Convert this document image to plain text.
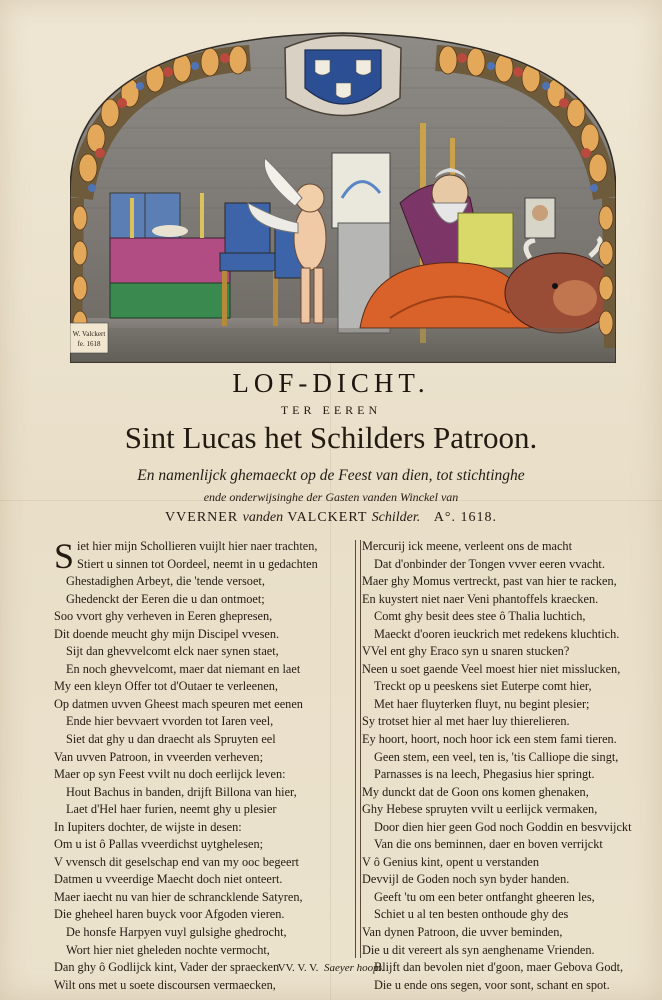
W. Valckert
fe. 1618
LOF-DICHT.
TER EEREN
Sint Lucas het Schilders Patroon.
En namenlijck ghemaeckt op de Feest van dien, tot stichtinghe
ende onderwijsinghe der Gasten vanden Winckel van
VVERNER vanden VALCKERT Schilder. A°. 1618.
Siet hier mijn Schollieren vuijlt hier naer trachten,
Stiert u sinnen tot Oordeel, neemt in u gedachten
Ghestadighen Arbeyt, die 'tende versoet,
Ghedenckt der Eeren die u dan ontmoet;
Soo vvort ghy verheven in Eeren ghepresen,
Dit doende meucht ghy mijn Discipel vvesen.
Sijt dan ghevvelcomt elck naer synen staet,
En noch ghevvelcomt, maer dat niemant en laet
My een kleyn Offer tot d'Outaer te verleenen,
Op datmen uvven Gheest mach speuren met eenen
Ende hier bevvaert vvorden tot Iaren veel,
Siet dat ghy u dan draecht als Spruyten eel
Van uvven Patroon, in vveerden verheven;
Maer op syn Feest vvilt nu doch eerlijck leven:
Hout Bachus in banden, drijft Billona van hier,
Laet d'Hel haer furien, neemt ghy u plesier
In Iupiters dochter, de wijste in desen:
Om u ist ô Pallas vveerdichst uytghelesen;
V vvensch dit geselschap end van my ooc begeert
Datmen u vveerdige Maecht doch niet onteert.
Maer iaecht nu van hier de schrancklende Satyren,
Die gheheel haren buyck voor Afgoden vieren.
De honsfe Harpyen vuyl gulsighe ghedrocht,
Wort hier niet gheleden nochte vermocht,
Dan ghy ô Godlijck kint, Vader der spraecken
Wilt ons met u soete discoursen vermaecken,
Mercurij ick meene, verleent ons de macht
Dat d'onbinder der Tongen vvver eeren vvacht.
Maer ghy Momus vertreckt, past van hier te racken,
En kuystert niet naer Veni phantoffels kraecken.
Comt ghy besit dees stee ô Thalia luchtich,
Maeckt d'ooren ieuckrich met redekens kluchtich.
VVel ent ghy Eraco syn u snaren stucken?
Neen u soet gaende Veel moest hier niet misslucken,
Treckt op u peeskens siet Euterpe comt hier,
Met haer fluyterken fluyt, nu begint plesier;
Sy trotset hier al met haer luy thierelieren.
Ey hoort, hoort, noch hoor ick een stem fami tieren.
Geen stem, een veel, ten is, 'tis Calliope die singt,
Parnasses is na leech, Phegasius hier springt.
My dunckt dat de Goon ons komen ghenaken,
Ghy Hebese spruyten vvilt u eerlijck vermaken,
Door dien hier geen God noch Goddin en besvvijckt
Van die ons beminnen, daer en boven verrijckt
V ô Genius kint, opent u verstanden
Devvijl de Goden noch syn byder handen.
Geeft 'tu om een beter ontfanght gheeren les,
Schiet u al ten besten onthoude ghy des
Van dynen Patroon, die uvver beminden,
Die u dit vereert als syn aenghename Vrienden.
Blijft dan bevolen niet d'goon, maer Gebova Godt,
Die u ende ons segen, voor sont, schant en spot.
VV. V. V. Saeyer hoopt.
